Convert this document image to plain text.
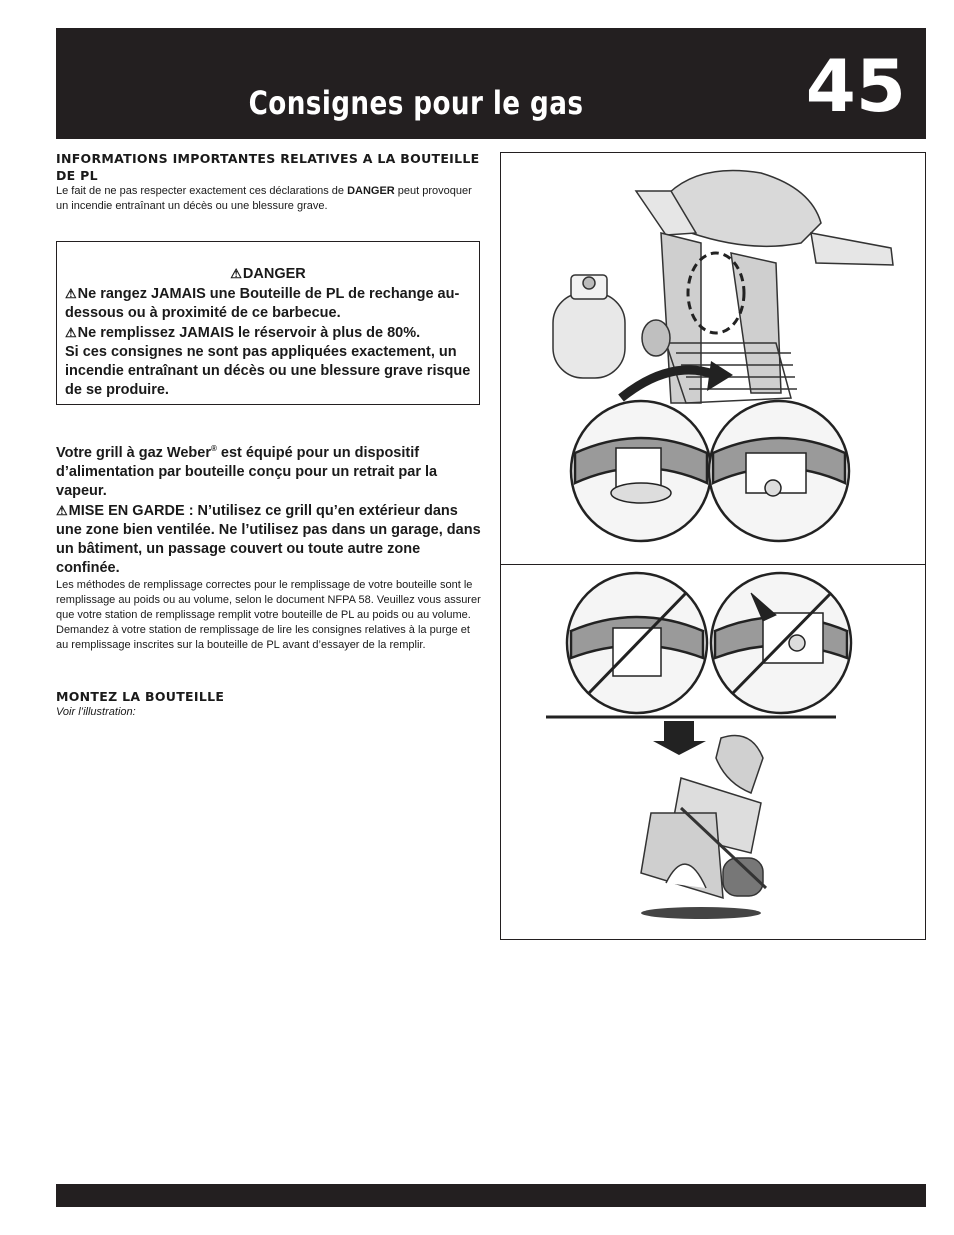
Consignes pour le gas	45

INFORMATIONS IMPORTANTES RELATIVES A LA BOUTEILLE DE PL

Le fait de ne pas respecter exactement ces déclarations de DANGER peut provoquer un incendie entraînant un décès ou une blessure grave.

⚠DANGER

⚠Ne rangez JAMAIS une Bouteille de PL de rechange au-dessous ou à proximité de ce barbecue.

⚠Ne remplissez JAMAIS le réservoir à plus de 80%.

Si ces consignes ne sont pas appliquées exactement, un incendie entraînant un décès ou une blessure grave risque de se produire.

Votre grill à gaz Weber® est équipé pour un dispositif d’alimentation par bouteille conçu pour un retrait par la vapeur.

⚠MISE EN GARDE : N’utilisez ce grill qu’en extérieur dans une zone bien ventilée. Ne l’utilisez pas dans un garage, dans un bâtiment, un passage couvert ou toute autre zone confinée.

Les méthodes de remplissage correctes pour le remplissage de votre bouteille sont le remplissage au poids ou au volume, selon le document NFPA 58. Veuillez vous assurer que votre station de remplissage remplit votre bouteille de PL au poids ou au volume. Demandez à votre station de remplissage de lire les consignes relatives à la purge et au remplissage inscrites sur la bouteille de PL avant d’essayer de la remplir.

MONTEZ LA BOUTEILLE

Voir l’illustration:
